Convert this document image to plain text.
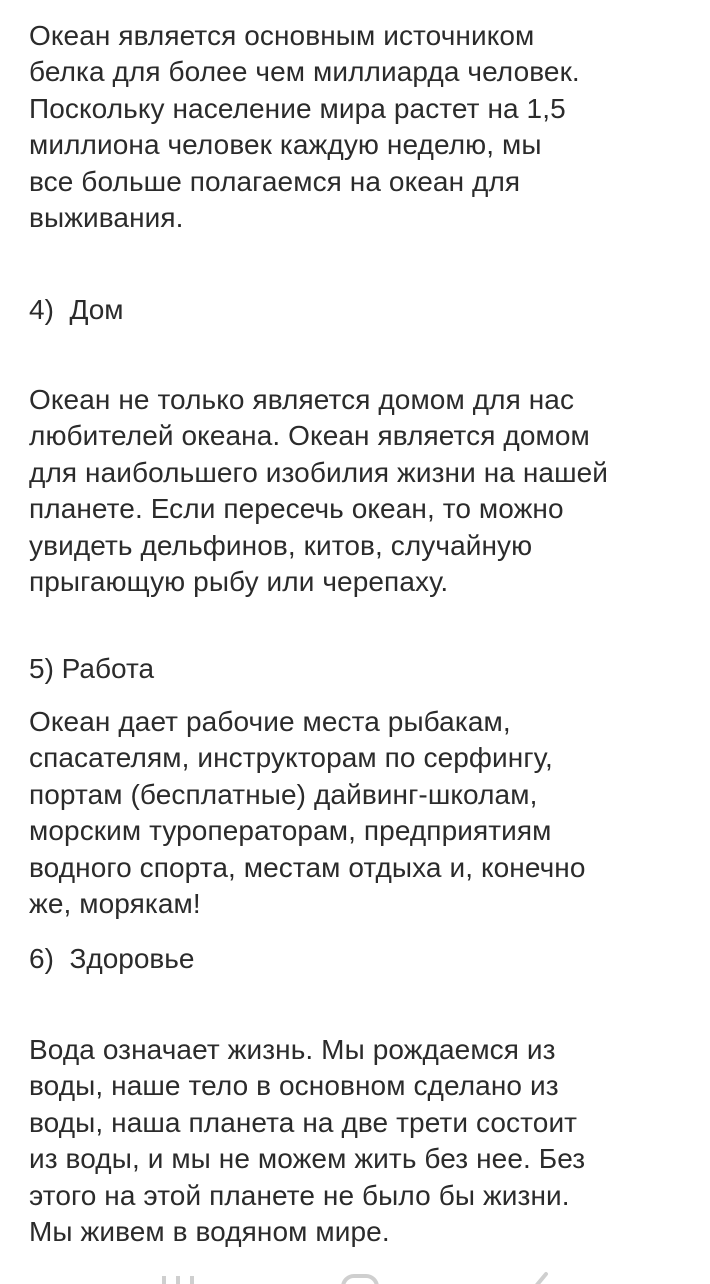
Океан является основным источником
белка для более чем миллиарда человек.
Поскольку население мира растет на 1,5
миллиона человек каждую неделю, мы
все больше полагаемся на океан для
выживания.
4)  Дом
Океан не только является домом для нас
любителей океана. Океан является домом
для наибольшего изобилия жизни на нашей
планете. Если пересечь океан, то можно
увидеть дельфинов, китов, случайную
прыгающую рыбу или черепаху.
5) Работа
Океан дает рабочие места рыбакам,
спасателям, инструкторам по серфингу,
портам (бесплатные) дайвинг-школам,
морским туроператорам, предприятиям
водного спорта, местам отдыха и, конечно
же, морякам!
6)  Здоровье
Вода означает жизнь. Мы рождаемся из
воды, наше тело в основном сделано из
воды, наша планета на две трети состоит
из воды, и мы не можем жить без нее. Без
этого на этой планете не было бы жизни.
Мы живем в водяном мире.
